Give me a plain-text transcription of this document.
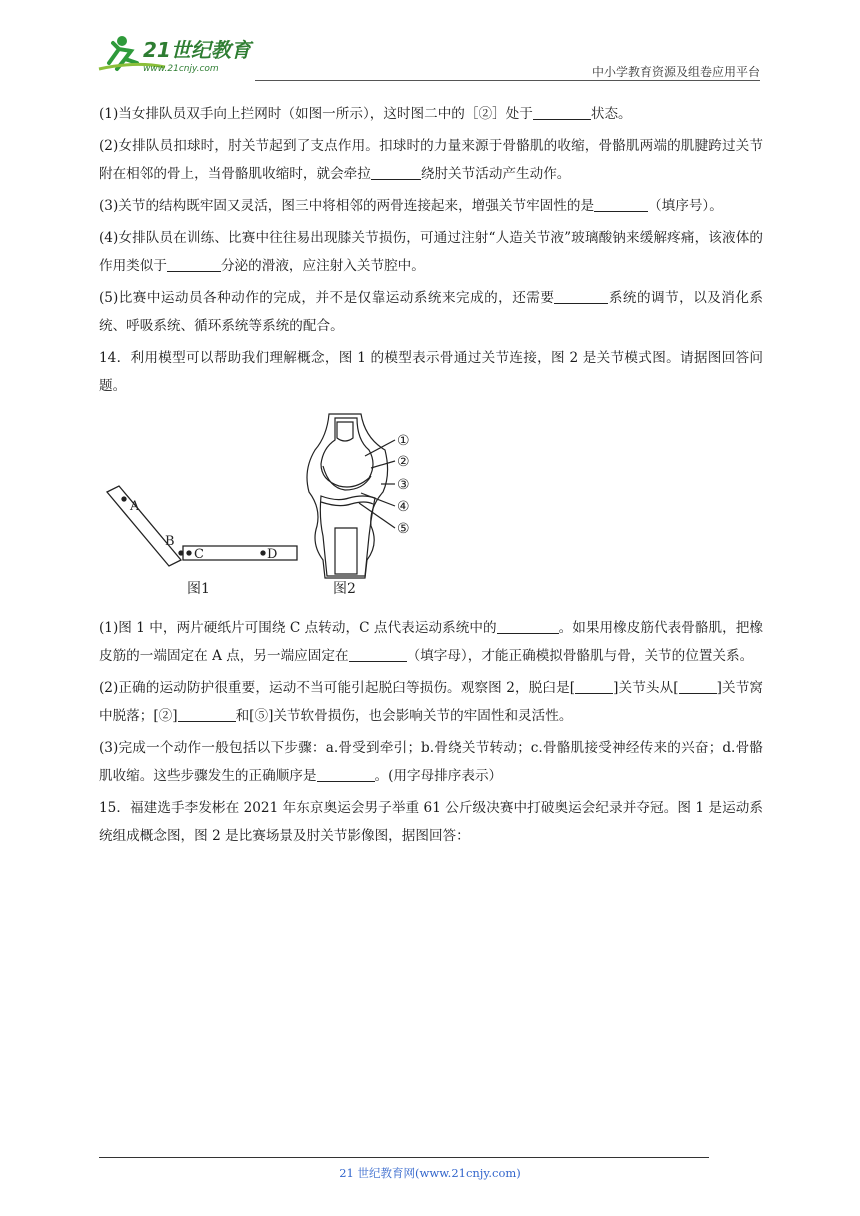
21世纪教育
www.21cnjy.com	中小学教育资源及组卷应用平台

(1)当女排队员双手向上拦网时（如图一所示），这时图二中的［②］处于	状态。

(2)女排队员扣球时，肘关节起到了支点作用。扣球时的力量来源于骨骼肌的收缩，骨骼肌两端的肌腱跨过关节附在相邻的骨上，当骨骼肌收缩时，就会牵拉	绕肘关节活动产生动作。

(3)关节的结构既牢固又灵活，图三中将相邻的两骨连接起来，增强关节牢固性的是	（填序号）。

(4)女排队员在训练、比赛中往往易出现膝关节损伤，可通过注射“人造关节液”玻璃酸钠来缓解疼痛，该液体的作用类似于	分泌的滑液，应注射入关节腔中。

(5)比赛中运动员各种动作的完成，并不是仅靠运动系统来完成的，还需要	系统的调节，以及消化系统、呼吸系统、循环系统等系统的配合。

14．利用模型可以帮助我们理解概念，图 1 的模型表示骨通过关节连接，图 2 是关节模式图。请据图回答问题。

A
B
C	D
图1
①
②
③
④
⑤
图2

(1)图 1 中，两片硬纸片可围绕 C 点转动，C 点代表运动系统中的	。如果用橡皮筋代表骨骼肌，把橡皮筋的一端固定在 A 点，另一端应固定在	（填字母），才能正确模拟骨骼肌与骨，关节的位置关系。

(2)正确的运动防护很重要，运动不当可能引起脱臼等损伤。观察图 2，脱臼是[	]关节头从[	]关节窝中脱落；[②]	和[⑤]关节软骨损伤，也会影响关节的牢固性和灵活性。

(3)完成一个动作一般包括以下步骤：a.骨受到牵引；b.骨绕关节转动；c.骨骼肌接受神经传来的兴奋；d.骨骼肌收缩。这些步骤发生的正确顺序是	。(用字母排序表示）

15．福建选手李发彬在 2021 年东京奥运会男子举重 61 公斤级决赛中打破奥运会纪录并夺冠。图 1 是运动系统组成概念图，图 2 是比赛场景及肘关节影像图，据图回答：

21 世纪教育网(www.21cnjy.com)
